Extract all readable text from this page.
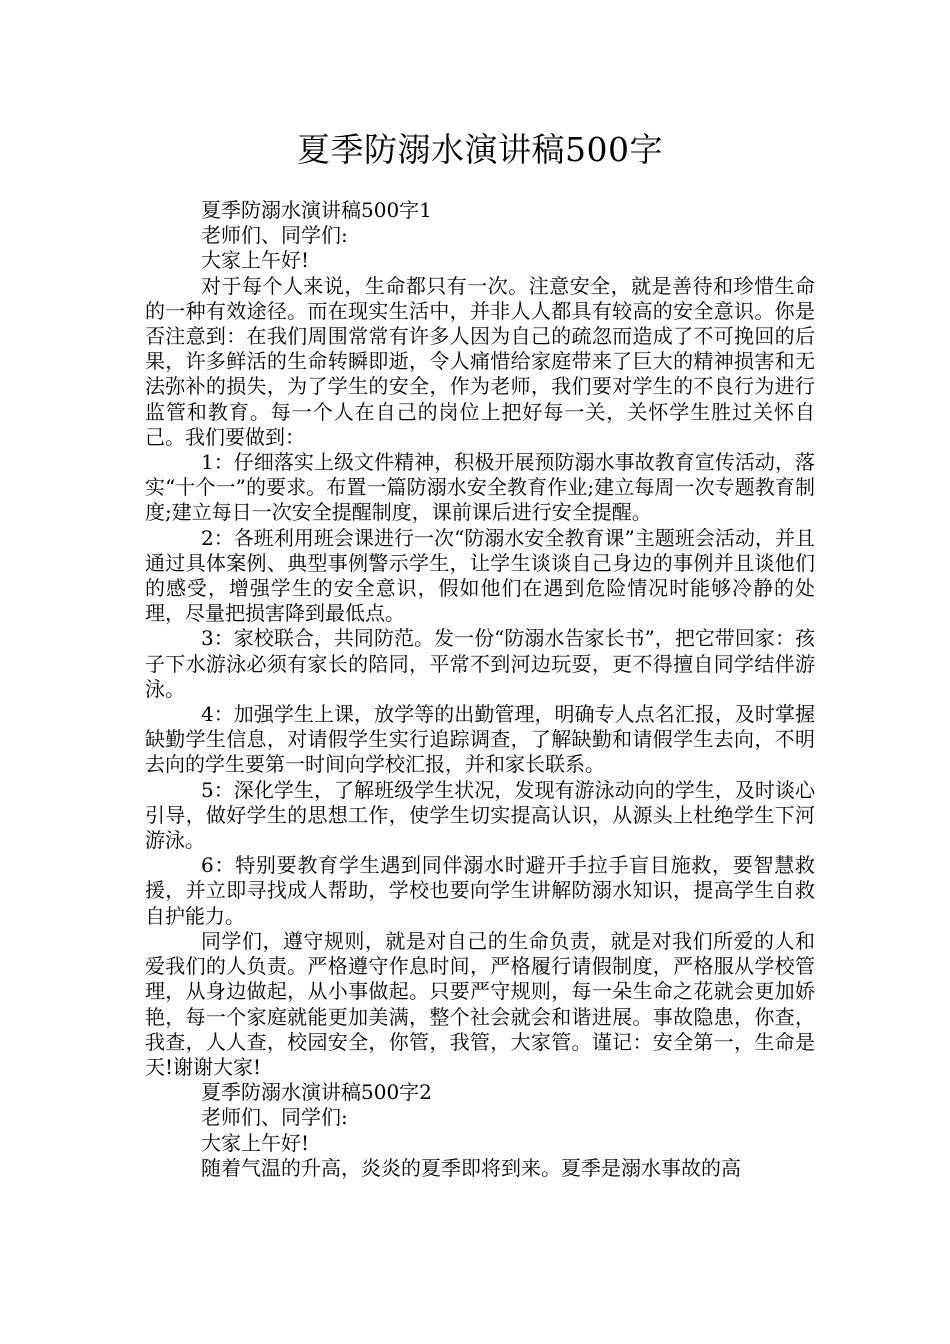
夏季防溺水演讲稿500字

夏季防溺水演讲稿500字1

老师们、同学们:

大家上午好!

对于每个人来说，生命都只有一次。注意安全，就是善待和珍惜生命的一种有效途径。而在现实生活中，并非人人都具有较高的安全意识。你是否注意到：在我们周围常常有许多人因为自己的疏忽而造成了不可挽回的后果，许多鲜活的生命转瞬即逝，令人痛惜给家庭带来了巨大的精神损害和无法弥补的损失，为了学生的安全，作为老师，我们要对学生的不良行为进行监管和教育。每一个人在自己的岗位上把好每一关，关怀学生胜过关怀自己。我们要做到：

1：仔细落实上级文件精神，积极开展预防溺水事故教育宣传活动，落实“十个一”的要求。布置一篇防溺水安全教育作业;建立每周一次专题教育制度;建立每日一次安全提醒制度，课前课后进行安全提醒。

2：各班利用班会课进行一次“防溺水安全教育课”主题班会活动，并且通过具体案例、典型事例警示学生，让学生谈谈自己身边的事例并且谈他们的感受，增强学生的安全意识，假如他们在遇到危险情况时能够冷静的处理，尽量把损害降到最低点。

3：家校联合，共同防范。发一份“防溺水告家长书”，把它带回家：孩子下水游泳必须有家长的陪同，平常不到河边玩耍，更不得擅自同学结伴游泳。

4：加强学生上课，放学等的出勤管理，明确专人点名汇报，及时掌握缺勤学生信息，对请假学生实行追踪调查，了解缺勤和请假学生去向，不明去向的学生要第一时间向学校汇报，并和家长联系。

5：深化学生，了解班级学生状况，发现有游泳动向的学生，及时谈心引导，做好学生的思想工作，使学生切实提高认识，从源头上杜绝学生下河游泳。

6：特别要教育学生遇到同伴溺水时避开手拉手盲目施救，要智慧救援，并立即寻找成人帮助，学校也要向学生讲解防溺水知识，提高学生自救自护能力。

同学们，遵守规则，就是对自己的生命负责，就是对我们所爱的人和爱我们的人负责。严格遵守作息时间，严格履行请假制度，严格服从学校管理，从身边做起，从小事做起。只要严守规则，每一朵生命之花就会更加娇艳，每一个家庭就能更加美满，整个社会就会和谐进展。事故隐患，你查，我查，人人查，校园安全，你管，我管，大家管。谨记：安全第一，生命是天!谢谢大家!

夏季防溺水演讲稿500字2

老师们、同学们:

大家上午好!

随着气温的升高，炎炎的夏季即将到来。夏季是溺水事故的高
